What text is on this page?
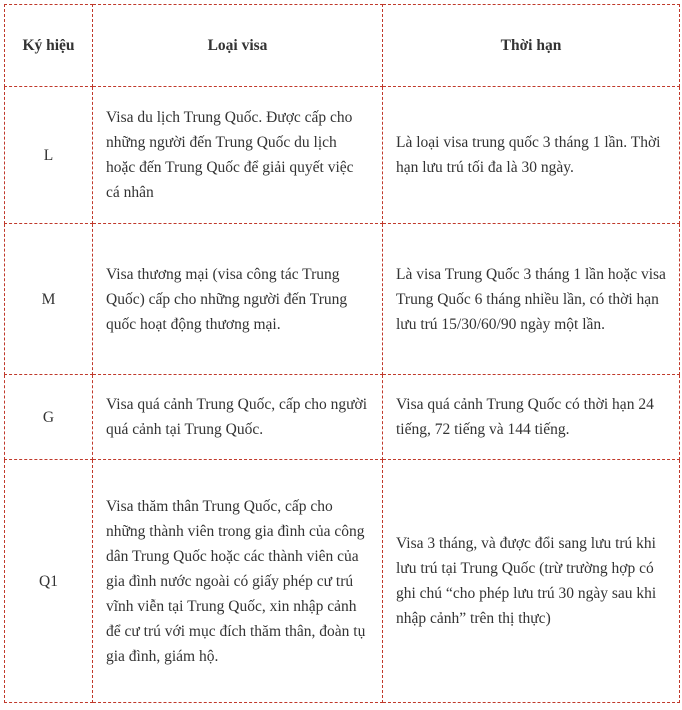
Ký hiệu	Loại visa	Thời hạn
L	Visa du lịch Trung Quốc. Được cấp cho những người đến Trung Quốc du lịch hoặc đến Trung Quốc để giải quyết việc cá nhân	Là loại visa trung quốc 3 tháng 1 lần. Thời hạn lưu trú tối đa là 30 ngày.
M	Visa thương mại (visa công tác Trung Quốc) cấp cho những người đến Trung quốc hoạt động thương mại.	Là visa Trung Quốc 3 tháng 1 lần hoặc visa Trung Quốc 6 tháng nhiều lần, có thời hạn lưu trú 15/30/60/90 ngày một lần.
G	Visa quá cảnh Trung Quốc, cấp cho người quá cảnh tại Trung Quốc.	Visa quá cảnh Trung Quốc có thời hạn 24 tiếng, 72 tiếng và 144 tiếng.
Q1	Visa thăm thân Trung Quốc, cấp cho những thành viên trong gia đình của công dân Trung Quốc hoặc các thành viên của gia đình nước ngoài có giấy phép cư trú vĩnh viễn tại Trung Quốc, xin nhập cảnh để cư trú với mục đích thăm thân, đoàn tụ gia đình, giám hộ.	Visa 3 tháng, và được đổi sang lưu trú khi lưu trú tại Trung Quốc (trừ trường hợp có ghi chú “cho phép lưu trú 30 ngày sau khi nhập cảnh” trên thị thực)
